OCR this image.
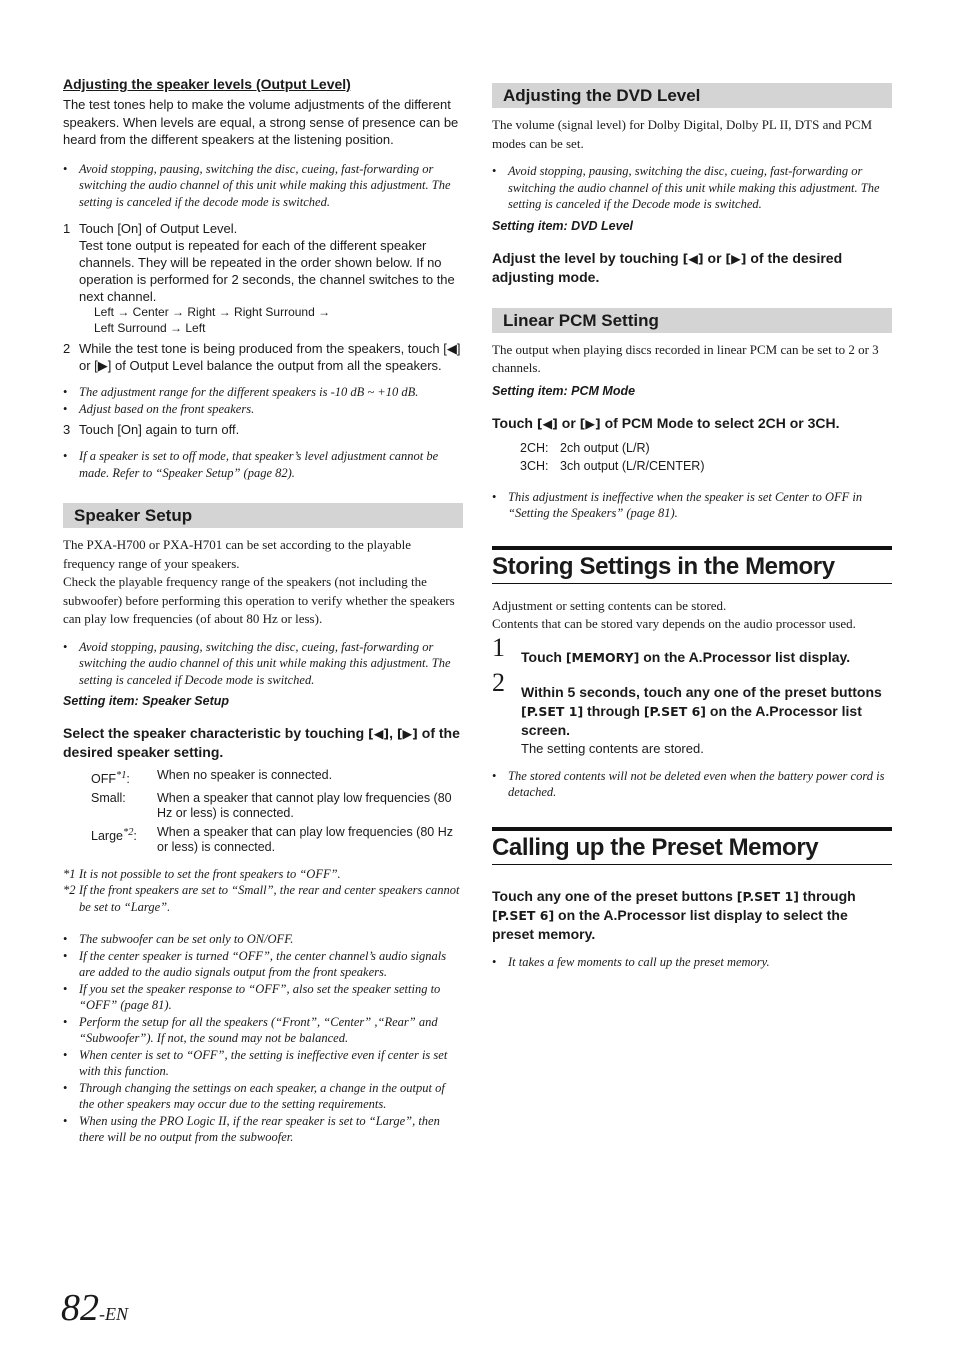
Adjusting the speaker levels (Output Level)

The test tones help to make the volume adjustments of the different speakers. When levels are equal, a strong sense of presence can be heard from the different speakers at the listening position.

• Avoid stopping, pausing, switching the disc, cueing, fast-forwarding or switching the audio channel of this unit while making this adjustment. The setting is canceled if the decode mode is switched.
1 Touch [On] of Output Level.
Test tone output is repeated for each of the different speaker channels. They will be repeated in the order shown below. If no operation is performed for 2 seconds, the channel switches to the next channel.

Left → Center → Right → Right Surround →

Left Surround → Left

2 While the test tone is being produced from the speakers, touch [◀] or [▶] of Output Level balance the output from all the speakers.
• The adjustment range for the different speakers is -10 dB ~ +10 dB.
• Adjust based on the front speakers.
3 Touch [On] again to turn off.
• If a speaker is set to off mode, that speaker’s level adjustment cannot be made. Refer to “Speaker Setup” (page 82).

Speaker Setup

The PXA-H700 or PXA-H701 can be set according to the playable frequency range of your speakers.

Check the playable frequency range of the speakers (not including the subwoofer) before performing this operation to verify whether the speakers can play low frequencies (of about 80 Hz or less).

• Avoid stopping, pausing, switching the disc, cueing, fast-forwarding or switching the audio channel of this unit while making this adjustment. The setting is canceled if Decode mode is switched.

Setting item: Speaker Setup

Select the speaker characteristic by touching [◀], [▶] of the desired speaker setting.

OFF$^{*1}$:	When no speaker is connected.
Small:	When a speaker that cannot play low frequencies (80 Hz or less) is connected.
Large$^{*2}$:	When a speaker that can play low frequencies (80 Hz or less) is connected.

*1 It is not possible to set the front speakers to “OFF”.

*2 If the front speakers are set to “Small”, the rear and center speakers cannot be set to “Large”.

• The subwoofer can be set only to ON/OFF.
• If the center speaker is turned “OFF”, the center channel’s audio signals are added to the audio signals output from the front speakers.
• If you set the speaker response to “OFF”, also set the speaker setting to “OFF” (page 81).
• Perform the setup for all the speakers (“Front”, “Center” ,“Rear” and “Subwoofer”). If not, the sound may not be balanced.
• When center is set to “OFF”, the setting is ineffective even if center is set with this function.
• Through changing the settings on each speaker, a change in the output of the other speakers may occur due to the setting requirements.
• When using the PRO Logic II, if the rear speaker is set to “Large”, then there will be no output from the subwoofer.

Adjusting the DVD Level

The volume (signal level) for Dolby Digital, Dolby PL II, DTS and PCM modes can be set.

• Avoid stopping, pausing, switching the disc, cueing, fast-forwarding or switching the audio channel of this unit while making this adjustment. The setting is canceled if the Decode mode is switched.

Setting item: DVD Level

Adjust the level by touching [◀] or [▶] of the desired adjusting mode.

Linear PCM Setting

The output when playing discs recorded in linear PCM can be set to 2 or 3 channels.

Setting item: PCM Mode

Touch [◀] or [▶] of PCM Mode to select 2CH or 3CH.

2CH: 2ch output (L/R)
3CH: 3ch output (L/R/CENTER)
• This adjustment is ineffective when the speaker is set Center to OFF in “Setting the Speakers” (page 81).

Storing Settings in the Memory

Adjustment or setting contents can be stored.

Contents that can be stored vary depends on the audio processor used.

1 Touch [MEMORY] on the A.Processor list display.
2 Within 5 seconds, touch any one of the preset buttons [P.SET 1] through [P.SET 6] on the A.Processor list screen.
The setting contents are stored.
• The stored contents will not be deleted even when the battery power cord is detached.

Calling up the Preset Memory

Touch any one of the preset buttons [P.SET 1] through [P.SET 6] on the A.Processor list display to select the preset memory.

• It takes a few moments to call up the preset memory.
82-EN
